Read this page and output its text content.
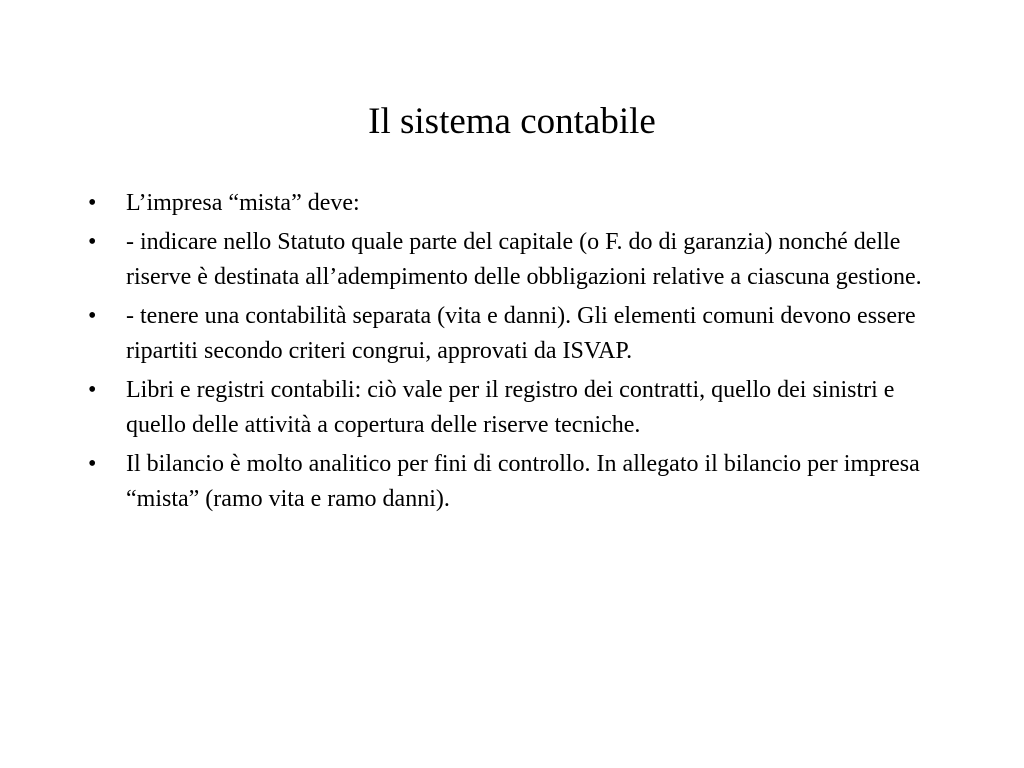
Il sistema contabile
•	L’impresa “mista” deve:
•	- indicare nello Statuto quale parte del capitale (o F. do di garanzia) nonché delle riserve è destinata all’adempimento delle obbligazioni relative a ciascuna gestione.
•	- tenere una contabilità separata (vita e danni). Gli elementi comuni devono essere ripartiti secondo criteri congrui, approvati da ISVAP.
•	Libri e registri contabili: ciò vale per il registro dei contratti, quello dei sinistri e quello delle attività a copertura delle riserve tecniche.
•	Il bilancio è molto analitico per fini di controllo. In allegato il bilancio per impresa “mista” (ramo vita e ramo danni).
